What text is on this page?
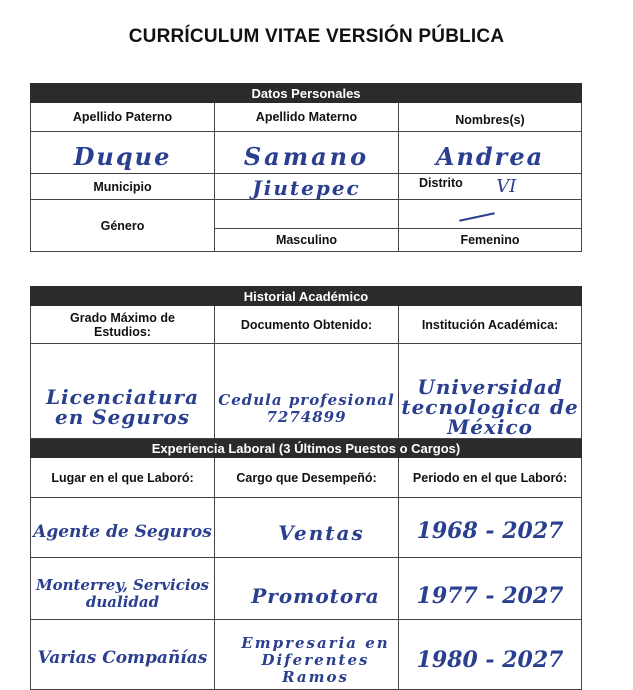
CURRÍCULUM VITAE VERSIÓN PÚBLICA
Datos Personales		
Apellido Paterno	Apellido Materno	Nombres(s)
Duque	Samano	Andrea
Municipio	Jiutepec	Distrito VI
Género		
	Masculino	Femenino
Historial Académico		
Grado Máximo de Estudios:	Documento Obtenido:	Institución Académica:
Licenciatura en Seguros	Cedula profesional 7274899	Universidad tecnologica de México
Experiencia Laboral (3 Últimos Puestos o Cargos)		
Lugar en el que Laboró:	Cargo que Desempeñó:	Periodo en el que Laboró:
Agente de Seguros	Ventas	1968 - 2027
Monterrey, Servicios dualidad	Promotora	1977 - 2027
Varias Compañías	Empresaria en Diferentes Ramos	1980 - 2027
